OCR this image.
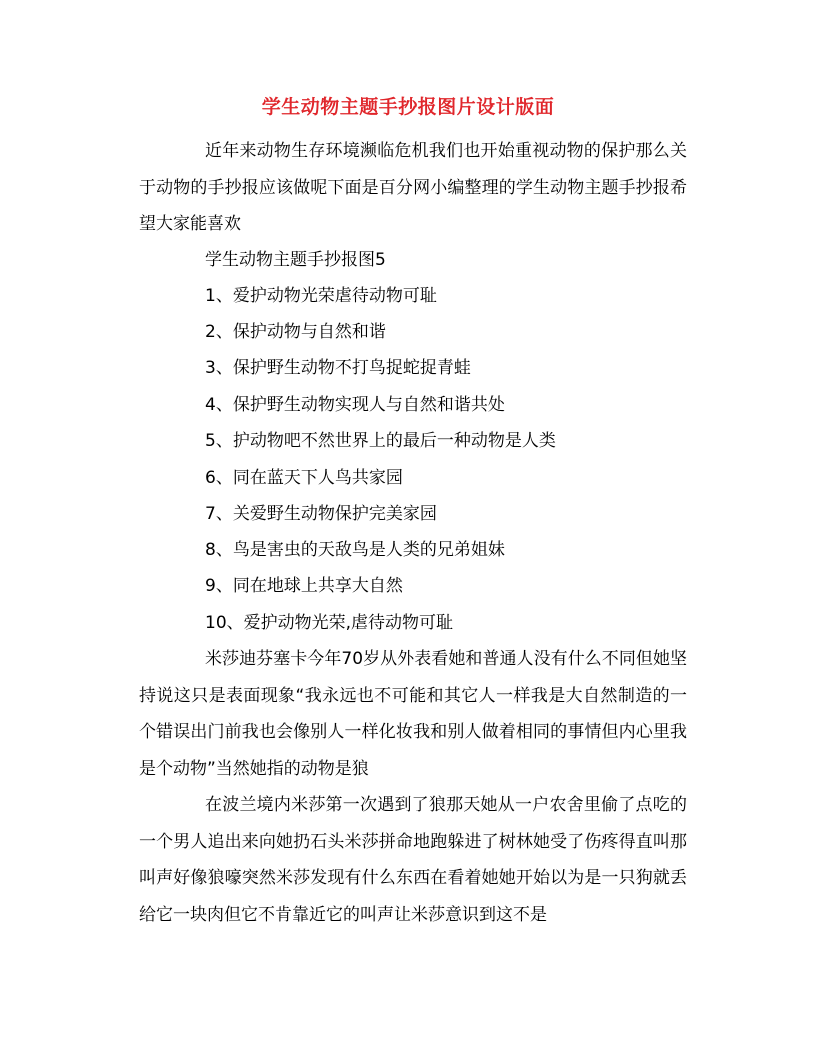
学生动物主题手抄报图片设计版面

近年来动物生存环境濒临危机我们也开始重视动物的保护那么关于动物的手抄报应该做呢下面是百分网小编整理的学生动物主题手抄报希望大家能喜欢

学生动物主题手抄报图5
1、爱护动物光荣虐待动物可耻
2、保护动物与自然和谐
3、保护野生动物不打鸟捉蛇捉青蛙
4、保护野生动物实现人与自然和谐共处
5、护动物吧不然世界上的最后一种动物是人类
6、同在蓝天下人鸟共家园
7、关爱野生动物保护完美家园
8、鸟是害虫的天敌鸟是人类的兄弟姐妹
9、同在地球上共享大自然
10、爱护动物光荣,虐待动物可耻

米莎迪芬塞卡今年70岁从外表看她和普通人没有什么不同但她坚持说这只是表面现象“我永远也不可能和其它人一样我是大自然制造的一个错误出门前我也会像别人一样化妆我和别人做着相同的事情但内心里我是个动物”当然她指的动物是狼

在波兰境内米莎第一次遇到了狼那天她从一户农舍里偷了点吃的一个男人追出来向她扔石头米莎拼命地跑躲进了树林她受了伤疼得直叫那叫声好像狼嚎突然米莎发现有什么东西在看着她她开始以为是一只狗就丢给它一块肉但它不肯靠近它的叫声让米莎意识到这不是
